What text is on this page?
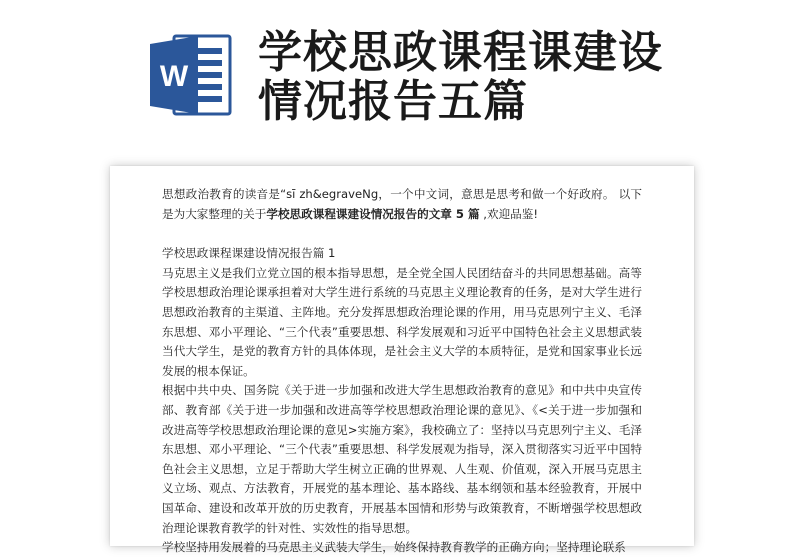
W 学校思政课程课建设
情况报告五篇

思想政治教育的读音是“sī zh&egraveNg，一个中文词，意思是思考和做一个好政府。 以下是为大家整理的关于学校思政课程课建设情况报告的文章 5 篇 ,欢迎品鉴!

学校思政课程课建设情况报告篇 1

马克思主义是我们立党立国的根本指导思想，是全党全国人民团结奋斗的共同思想基础。高等学校思想政治理论课承担着对大学生进行系统的马克思主义理论教育的任务，是对大学生进行思想政治教育的主渠道、主阵地。充分发挥思想政治理论课的作用，用马克思列宁主义、毛泽东思想、邓小平理论、“三个代表”重要思想、科学发展观和习近平中国特色社会主义思想武装当代大学生，是党的教育方针的具体体现，是社会主义大学的本质特征，是党和国家事业长远发展的根本保证。

根据中共中央、国务院《关于进一步加强和改进大学生思想政治教育的意见》和中共中央宣传部、教育部《关于进一步加强和改进高等学校思想政治理论课的意见》、《<关于进一步加强和改进高等学校思想政治理论课的意见>实施方案》，我校确立了：坚持以马克思列宁主义、毛泽东思想、邓小平理论、“三个代表”重要思想、科学发展观为指导，深入贯彻落实习近平中国特色社会主义思想，立足于帮助大学生树立正确的世界观、人生观、价值观，深入开展马克思主义立场、观点、方法教育，开展党的基本理论、基本路线、基本纲领和基本经验教育，开展中国革命、建设和改革开放的历史教育，开展基本国情和形势与政策教育，不断增强学校思想政治理论课教育教学的针对性、实效性的指导思想。

学校坚持用发展着的马克思主义武装大学生，始终保持教育教学的正确方向；坚持理论联系
